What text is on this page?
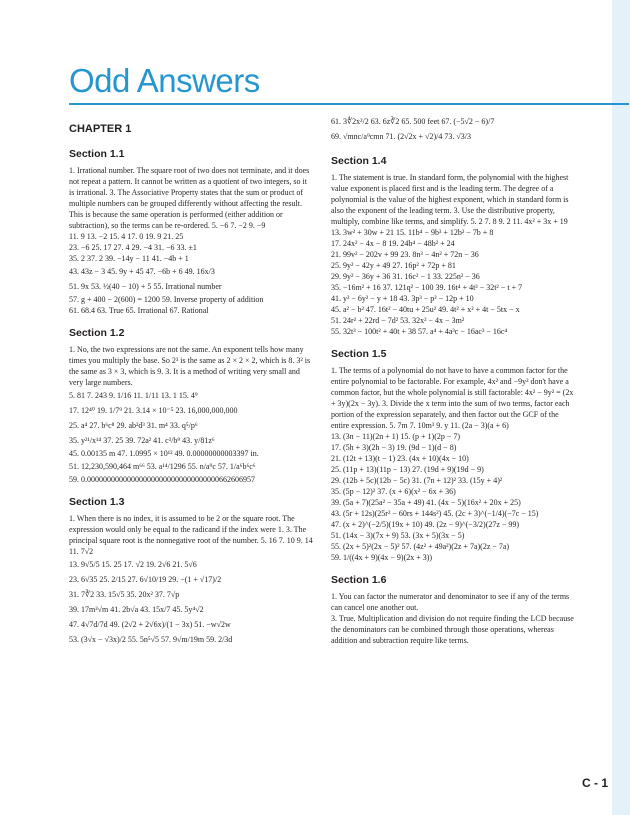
Odd Answers
CHAPTER 1
Section 1.1

1. Irrational number. The square root of two does not terminate, and it does not repeat a pattern. It cannot be written as a quotient of two integers, so it is irrational. 3. The Associative Property states that the sum or product of multiple numbers can be grouped differently without affecting the result. This is because the same operation is performed (either addition or subtraction), so the terms can be re-ordered. 5. −6 7. −2 9. −9

11. 9 13. −2 15. 4 17. 0 19. 9 21. 25

23. −6 25. 17 27. 4 29. −4 31. −6 33. ±1

35. 2 37. 2 39. −14y − 11 41. −4b + 1

43. 43z − 3 45. 9y + 45 47. −6b + 6 49. 16x/3

51. 9x 53. ½(40 − 10) + 5 55. Irrational number

57. g + 400 − 2(600) = 1200 59. Inverse property of addition

61. 68.4 63. True 65. Irrational 67. Rational

Section 1.2

1. No, the two expressions are not the same. An exponent tells how many times you multiply the base. So 2³ is the same as 2 × 2 × 2, which is 8. 3² is the same as 3 × 3, which is 9. 3. It is a method of writing very small and very large numbers.

5. 81 7. 243 9. 1/16 11. 1/11 13. 1 15. 4⁹

17. 12⁴⁰ 19. 1/7⁹ 21. 3.14 × 10⁻⁵ 23. 16,000,000,000

25. a⁴ 27. b⁶c⁸ 29. ab²d³ 31. m⁴ 33. q⁵/p⁶

35. y²¹/x¹⁴ 37. 25 39. 72a² 41. c³/b⁹ 43. y/81z⁶

45. 0.00135 m 47. 1.0995 × 10¹² 49. 0.00000000003397 in.

51. 12,230,590,464 m⁶⁶ 53. a¹⁴/1296 55. n/a⁹c 57. 1/a⁶b⁶c⁶

59. 0.000000000000000000000000000000000662606957

Section 1.3

1. When there is no index, it is assumed to be 2 or the square root. The expression would only be equal to the radicand if the index were 1. 3. The principal square root is the nonnegative root of the number. 5. 16 7. 10 9. 14 11. 7√2

13. 9√5/5 15. 25 17. √2 19. 2√6 21. 5√6

23. 6√35 25. 2/15 27. 6√10/19 29. −(1 + √17)/2

31. 7∛2 33. 15√5 35. 20x² 37. 7√p

39. 17m²√m 41. 2b√a 43. 15x/7 45. 5y⁴√2

47. 4√7d/7d 49. (2√2 + 2√6x)/(1 − 3x) 51. −w√2w

53. (3√x − √3x)/2 55. 5n⁵√5 57. 9√m/19m 59. 2/3d

61. 3∜2x²/2 63. 6z∛2 65. 500 feet 67. (−5√2 − 6)/7

69. √mnc/a⁹cmn 71. (2√2x + √2)/4 73. √3/3

Section 1.4

1. The statement is true. In standard form, the polynomial with the highest value exponent is placed first and is the leading term. The degree of a polynomial is the value of the highest exponent, which in standard form is also the exponent of the leading term. 3. Use the distributive property, multiply, combine like terms, and simplify. 5. 2 7. 8 9. 2 11. 4x² + 3x + 19

13. 3w² + 30w + 21 15. 11b⁴ − 9b³ + 12b² − 7b + 8

17. 24x² − 4x − 8 19. 24b⁴ − 48b² + 24

21. 99v² − 202v + 99 23. 8n³ − 4n² + 72n − 36

25. 9y² − 42y + 49 27. 16p² + 72p + 81

29. 9y² − 36y + 36 31. 16c² − 1 33. 225n² − 36

35. −16m² + 16 37. 121q² − 100 39. 16t⁴ + 4t³ − 32t² − t + 7

41. y³ − 6y² − y + 18 43. 3p³ − p² − 12p + 10

45. a² − b² 47. 16t² − 40tu + 25u² 49. 4t² + x² + 4t − 5tx − x

51. 24r² + 22rd − 7d² 53. 32x² − 4x − 3m²

55. 32t³ − 100t² + 40t + 38 57. a⁴ + 4a³c − 16ac³ − 16c⁴

Section 1.5

1. The terms of a polynomial do not have to have a common factor for the entire polynomial to be factorable. For example, 4x² and −9y² don't have a common factor, but the whole polynomial is still factorable: 4x² − 9y² = (2x + 3y)(2x − 3y). 3. Divide the x term into the sum of two terms, factor each portion of the expression separately, and then factor out the GCF of the entire expression. 5. 7m 7. 10m³ 9. y 11. (2a − 3)(a + 6)

13. (3n − 11)(2n + 1) 15. (p + 1)(2p − 7)

17. (5h + 3)(2h − 3) 19. (9d − 1)(d − 8)

21. (12t + 13)(t − 1) 23. (4x + 10)(4x − 10)

25. (11p + 13)(11p − 13) 27. (19d + 9)(19d − 9)

29. (12b + 5c)(12b − 5c) 31. (7n + 12)² 33. (15y + 4)²

35. (5p − 12)² 37. (x + 6)(x² − 6x + 36)

39. (5a + 7)(25a² − 35a + 49) 41. (4x − 5)(16x² + 20x + 25)

43. (5r + 12s)(25r² − 60rs + 144s²) 45. (2c + 3)^(−1/4)(−7c − 15)

47. (x + 2)^(−2/5)(19x + 10) 49. (2z − 9)^(−3/2)(27z − 99)

51. (14x − 3)(7x + 9) 53. (3x + 5)(3x − 5)

55. (2x + 5)²(2x − 5)² 57. (4z² + 49a²)(2z + 7a)(2z − 7a)

59. 1/((4x + 9)(4x − 9)(2x + 3))

Section 1.6

1. You can factor the numerator and denominator to see if any of the terms can cancel one another out.

3. True. Multiplication and division do not require finding the LCD because the denominators can be combined through those operations, whereas addition and subtraction require like terms.

C - 1
